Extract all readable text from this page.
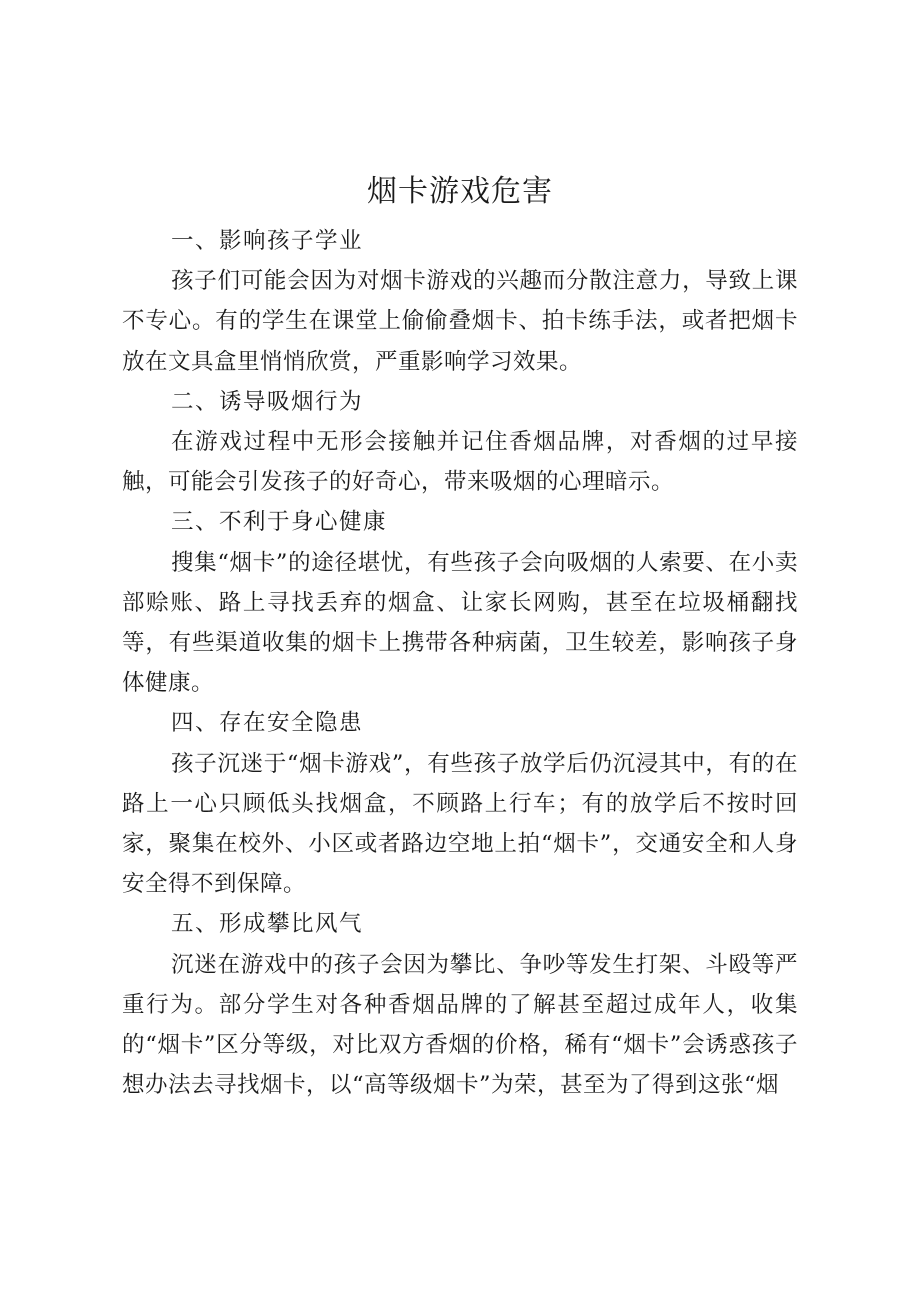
烟卡游戏危害

一、影响孩子学业

孩子们可能会因为对烟卡游戏的兴趣而分散注意力，导致上课不专心。有的学生在课堂上偷偷叠烟卡、拍卡练手法，或者把烟卡放在文具盒里悄悄欣赏，严重影响学习效果。

二、诱导吸烟行为

在游戏过程中无形会接触并记住香烟品牌，对香烟的过早接触，可能会引发孩子的好奇心，带来吸烟的心理暗示。

三、不利于身心健康

搜集“烟卡”的途径堪忧，有些孩子会向吸烟的人索要、在小卖部赊账、路上寻找丢弃的烟盒、让家长网购，甚至在垃圾桶翻找等，有些渠道收集的烟卡上携带各种病菌，卫生较差，影响孩子身体健康。

四、存在安全隐患

孩子沉迷于“烟卡游戏”，有些孩子放学后仍沉浸其中，有的在路上一心只顾低头找烟盒，不顾路上行车；有的放学后不按时回家，聚集在校外、小区或者路边空地上拍“烟卡”，交通安全和人身安全得不到保障。

五、形成攀比风气

沉迷在游戏中的孩子会因为攀比、争吵等发生打架、斗殴等严重行为。部分学生对各种香烟品牌的了解甚至超过成年人，收集的“烟卡”区分等级，对比双方香烟的价格，稀有“烟卡”会诱惑孩子想办法去寻找烟卡，以“高等级烟卡”为荣，甚至为了得到这张“烟
